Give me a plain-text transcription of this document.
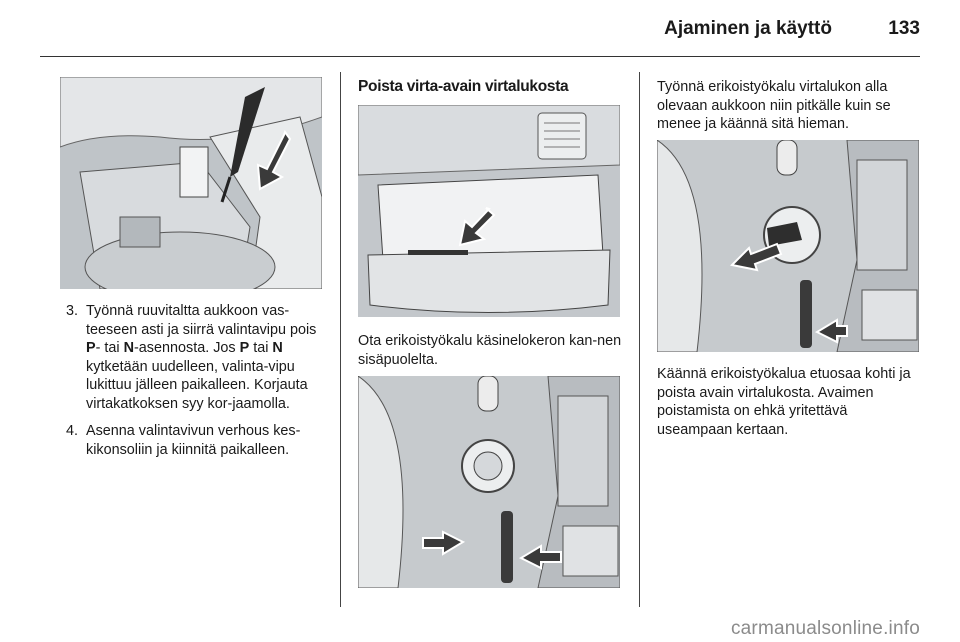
Ajaminen ja käyttö	133
3. Työnnä ruuvitaltta aukkoon vas-teeseen asti ja siirrä valintavipu pois P- tai N-asennosta. Jos P tai N kytketään uudelleen, valinta-vipu lukittuu jälleen paikalleen. Korjauta virtakatkoksen syy kor-jaamolla.
4. Asenna valintavivun verhous kes-kikonsoliin ja kiinnitä paikalleen.
Poista virta-avain virtalukosta
Ota erikoistyökalu käsinelokeron kan-nen sisäpuolelta.
Työnnä erikoistyökalu virtalukon alla olevaan aukkoon niin pitkälle kuin se menee ja käännä sitä hieman.
Käännä erikoistyökalua etuosaa kohti ja poista avain virtalukosta. Avaimen poistamista on ehkä yritettävä useampaan kertaan.
carmanualsonline.info
